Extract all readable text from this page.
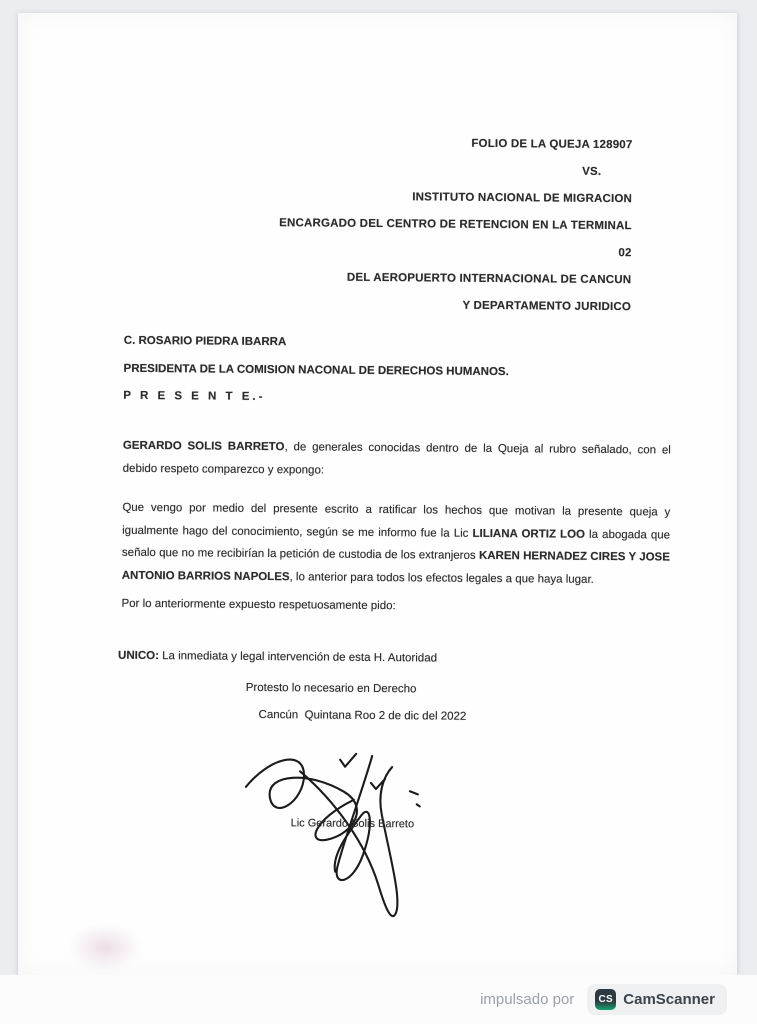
FOLIO DE LA QUEJA 128907
VS.
INSTITUTO NACIONAL DE MIGRACION
ENCARGADO DEL CENTRO DE RETENCION EN LA TERMINAL 02
DEL AEROPUERTO INTERNACIONAL DE CANCUN
Y DEPARTAMENTO JURIDICO
C. ROSARIO PIEDRA IBARRA
PRESIDENTA DE LA COMISION NACONAL DE DERECHOS HUMANOS.
P R E S E N T E.-

GERARDO SOLIS BARRETO, de generales conocidas dentro de la Queja al rubro señalado, con el debido respeto comparezco y expongo:

Que vengo por medio del presente escrito a ratificar los hechos que motivan la presente queja y igualmente hago del conocimiento, según se me informo fue la Lic LILIANA ORTIZ LOO la abogada que señalo que no me recibirían la petición de custodia de los extranjeros KAREN HERNADEZ CIRES Y JOSE ANTONIO BARRIOS NAPOLES, lo anterior para todos los efectos legales a que haya lugar.

Por lo anteriormente expuesto respetuosamente pido:
UNICO: La inmediata y legal intervención de esta H. Autoridad
Protesto lo necesario en Derecho
Cancún  Quintana Roo 2 de dic del 2022
Lic Gerardo Solis Barreto
impulsado por	CS CamScanner
